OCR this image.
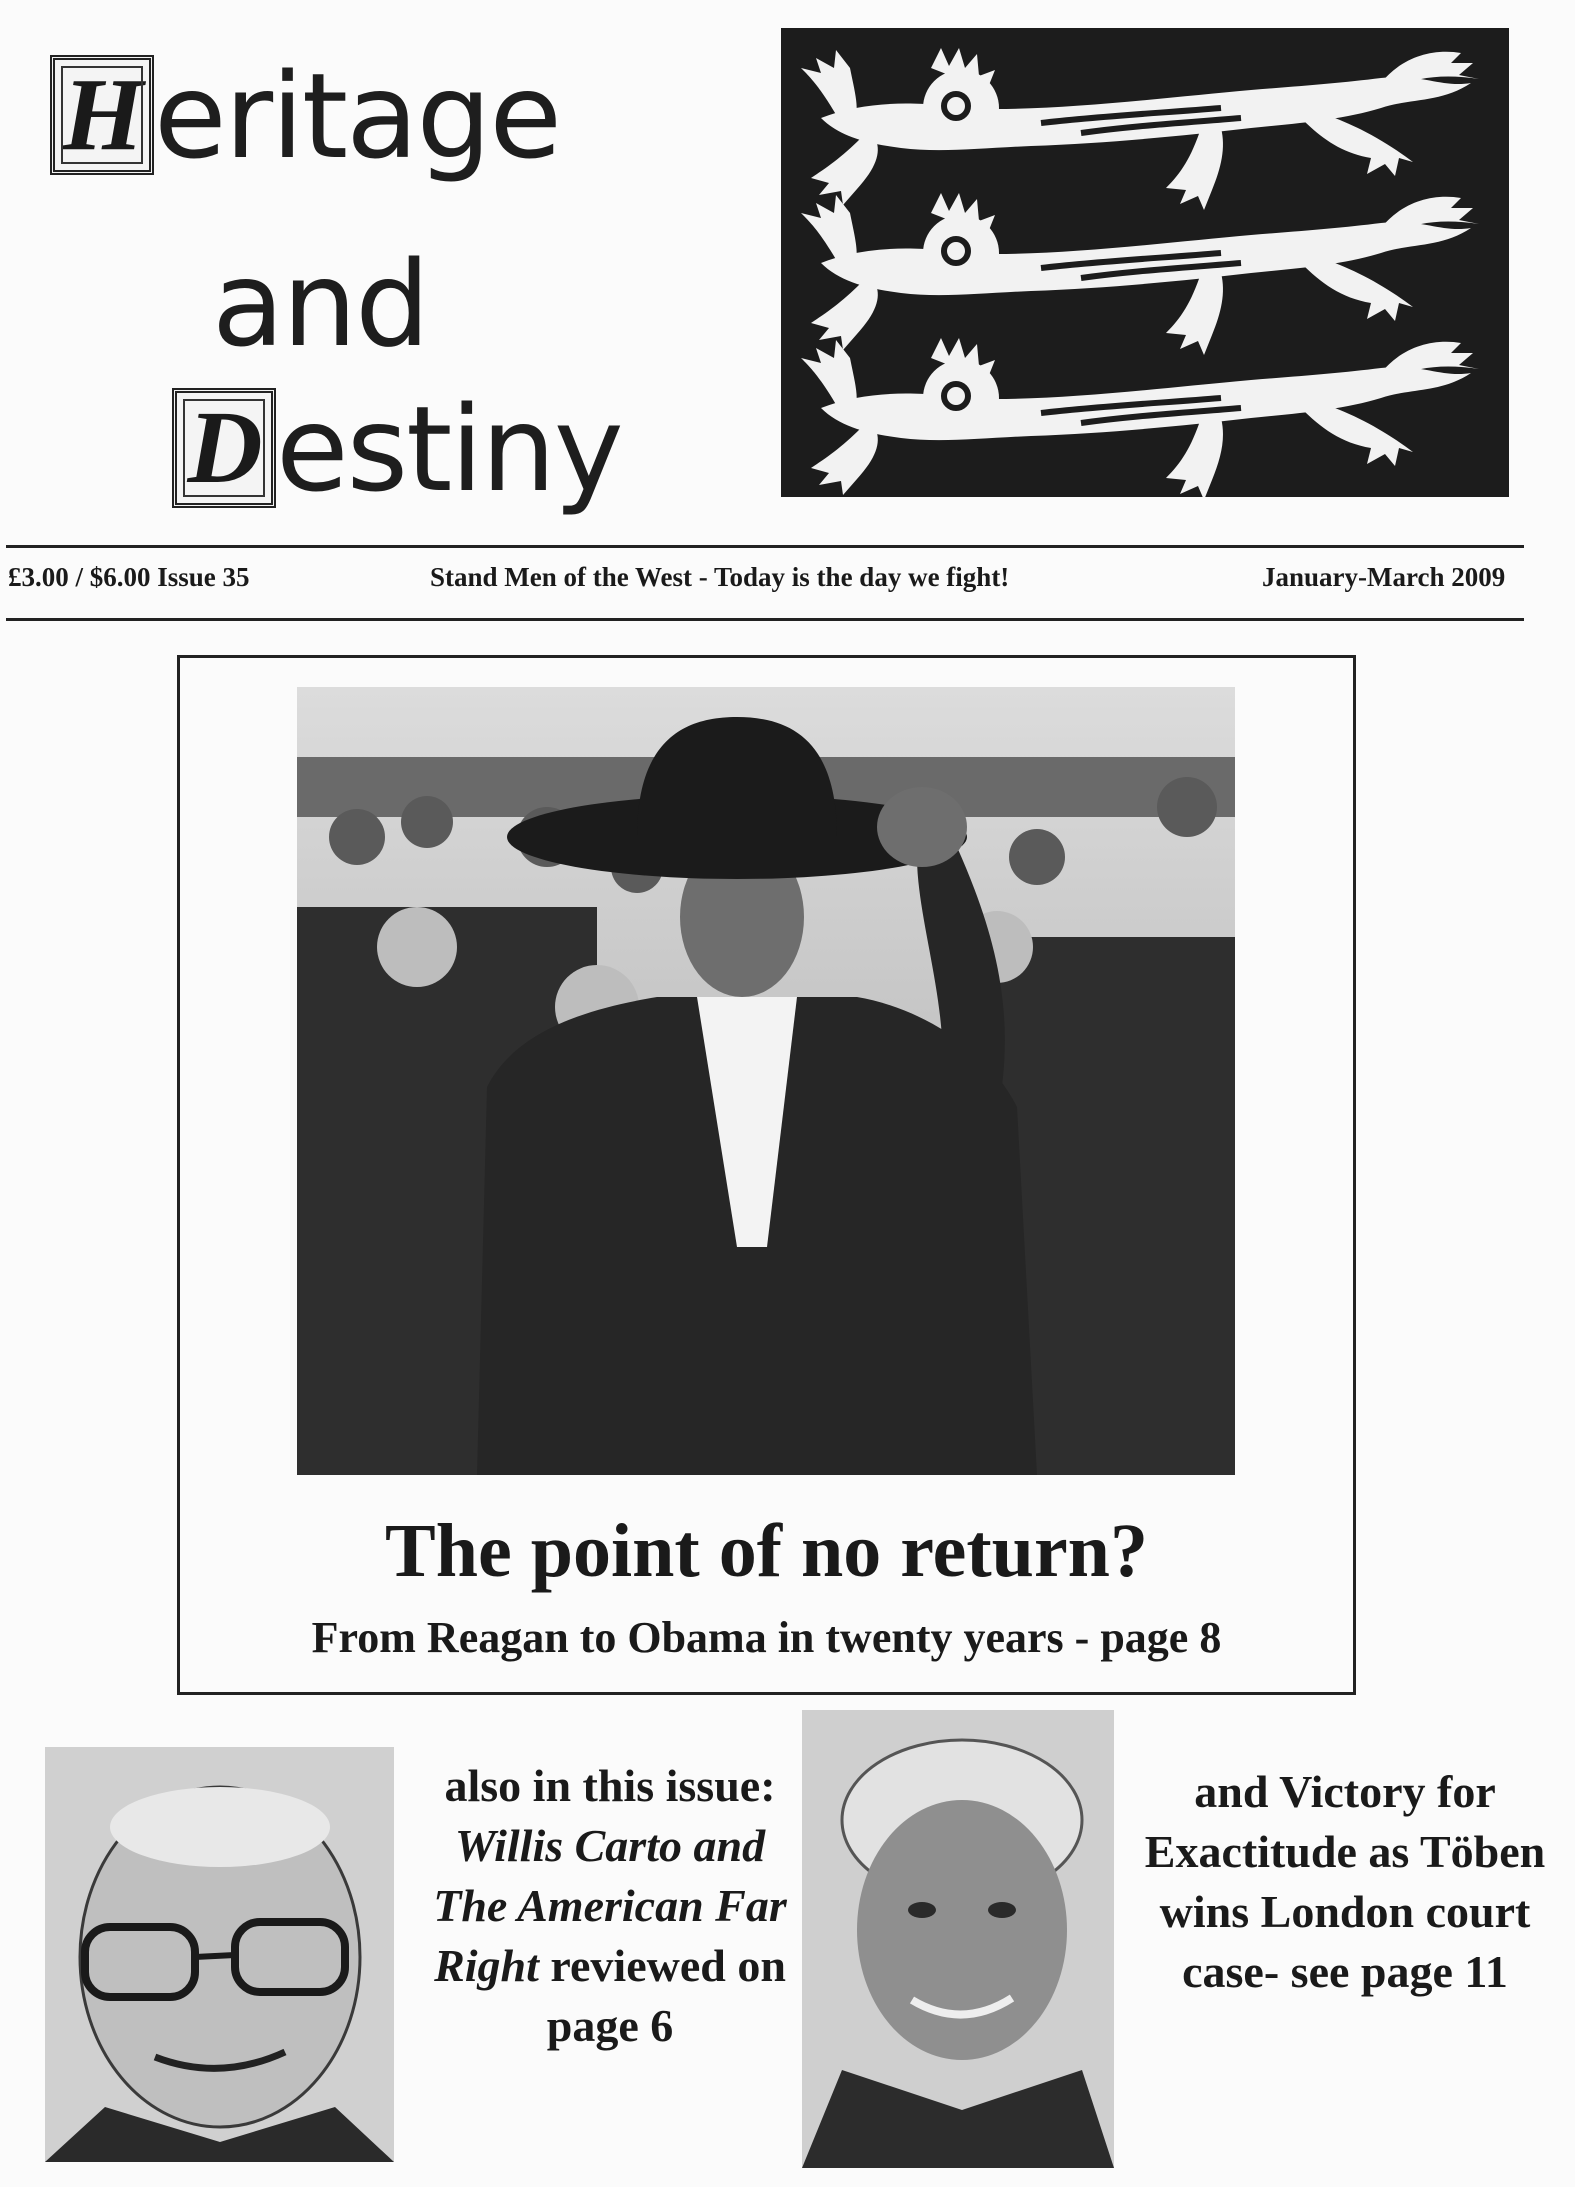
H eritage
and
D estiny
£3.00 / $6.00 Issue 35	Stand Men of the West - Today is the day we fight!	January-March 2009
The point of no return?
From Reagan to Obama in twenty years - page 8
also in this issue: Willis Carto and The American Far Right reviewed on page 6
and Victory for Exactitude as Töben wins London court case- see page 11
